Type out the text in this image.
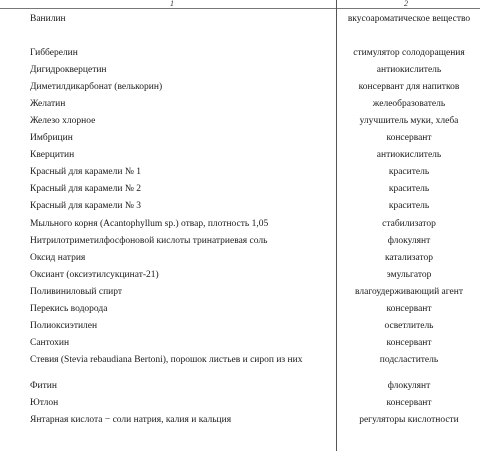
1	2
Ванилин	вкусоароматическое вещество
Гибберелин	стимулятор солодоращения
Дигидрокверцетин	антиокислитель
Диметилдикарбонат (велькорин)	консервант для напитков
Желатин	желеобразователь
Железо хлорное	улучшитель муки, хлеба
Имбрицин	консервант
Кверцитин	антиокислитель
Красный для карамели № 1	краситель
Красный для карамели № 2	краситель
Красный для карамели № 3	краситель
Мыльного корня (Acantophyllum sp.) отвар, плотность 1,05	стабилизатор
Нитрилотриметилфосфоновой кислоты тринатриевая соль	флокулянт
Оксид натрия	катализатор
Оксиант (оксиэтилсукцинат-21)	эмульгатор
Поливиниловый спирт	влагоудерживающий агент
Перекись водорода	консервант
Полиоксиэтилен	осветлитель
Сантохин	консервант
Стевия (Stevia rebaudiana Bertoni), порошок листьев и сироп из них	подсластитель
Фитин	флокулянт
Ютлон	консервант
Янтарная кислота − соли натрия, калия и кальция	регуляторы кислотности
